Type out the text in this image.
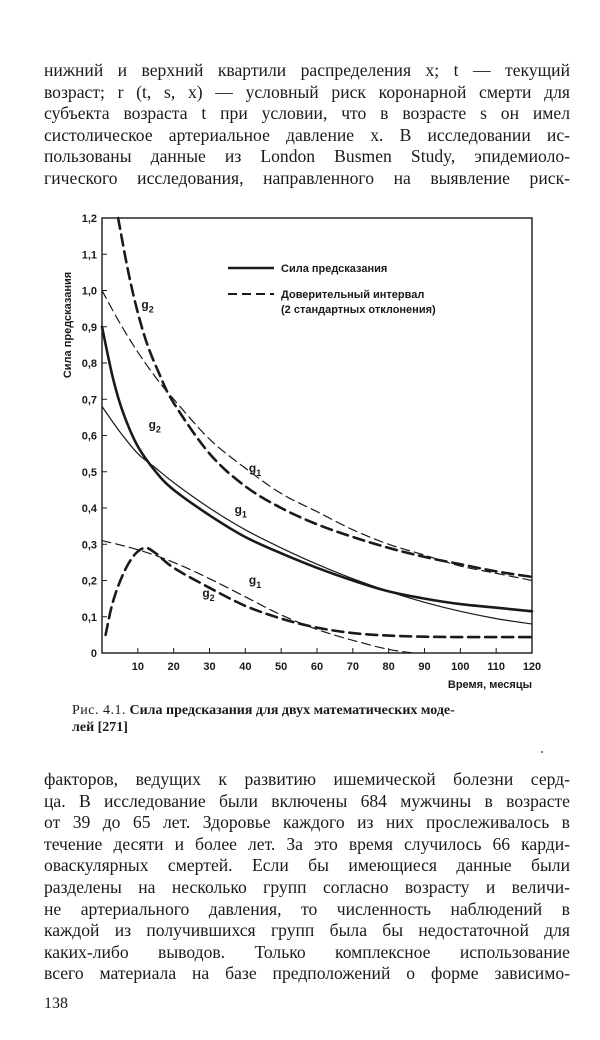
нижний и верхний квартили распределения x; t — текущий
возраст; r (t, s, x) — условный риск коронарной смерти для
субъекта возраста t при условии, что в возрасте s он имел
систолическое артериальное давление x. В исследовании ис-
пользованы данные из London Busmen Study, эпидемиоло-
гического исследования, направленного на выявление риск-
0
0,1
0,2
0,3
0,4
0,5
0,6
0,7
0,8
0,9
1,0
1,1
1,2
10 20 30 40 50 60 70 80 90 100 110 120
$g_2$
$g_2$
$g_1$
$g_1$
$g_1$
$g_2$
Сила предсказания
Время, месяцы
Сила предсказания
Доверительный интервал
(2 стандартных отклонения)
Рис. 4.1. Сила предсказания для двух математических моде-
лей [271]
факторов, ведущих к развитию ишемической болезни серд-
ца. В исследование были включены 684 мужчины в возрасте
от 39 до 65 лет. Здоровье каждого из них прослеживалось в
течение десяти и более лет. За это время случилось 66 карди-
оваскулярных смертей. Если бы имеющиеся данные были
разделены на несколько групп согласно возрасту и величи-
не артериального давления, то численность наблюдений в
каждой из получившихся групп была бы недостаточной для
каких-либо выводов. Только комплексное использование
всего материала на базе предположений о форме зависимо-

138
